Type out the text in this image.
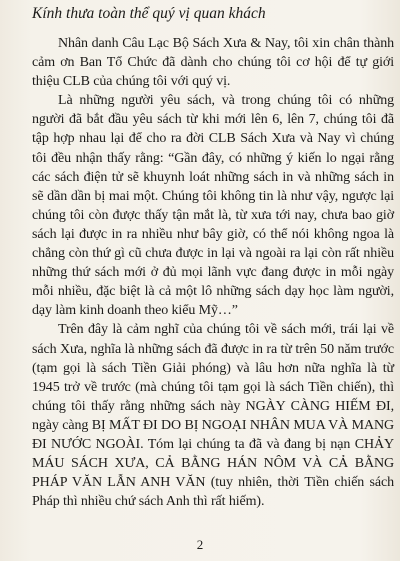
Kính thưa toàn thể quý vị quan khách

Nhân danh Câu Lạc Bộ Sách Xưa & Nay, tôi xin chân thành cảm ơn Ban Tổ Chức đã dành cho chúng tôi cơ hội để tự giới thiệu CLB của chúng tôi với quý vị.

Là những người yêu sách, và trong chúng tôi có những người đã bắt đầu yêu sách từ khi mới lên 6, lên 7, chúng tôi đã tập hợp nhau lại để cho ra đời CLB Sách Xưa và Nay vì chúng tôi đều nhận thấy rằng: “Gần đây, có những ý kiến lo ngại rằng các sách điện tử sẽ khuynh loát những sách in và những sách in sẽ dần dần bị mai một. Chúng tôi không tin là như vậy, ngược lại chúng tôi còn được thấy tận mắt là, từ xưa tới nay, chưa bao giờ sách lại được in ra nhiều như bây giờ, có thể nói không ngoa là chẳng còn thứ gì cũ chưa được in lại và ngoài ra lại còn rất nhiều những thứ sách mới ở đủ mọi lãnh vực đang được in mỗi ngày mỗi nhiều, đặc biệt là cả một lô những sách dạy học làm người, dạy làm kinh doanh theo kiểu Mỹ…”

Trên đây là cảm nghĩ của chúng tôi về sách mới, trái lại về sách Xưa, nghĩa là những sách đã được in ra từ trên 50 năm trước (tạm gọi là sách Tiền Giải phóng) và lâu hơn nữa nghĩa là từ 1945 trở về trước (mà chúng tôi tạm gọi là sách Tiền chiến), thì chúng tôi thấy rằng những sách này NGÀY CÀNG HIẾM ĐI, ngày càng BỊ MẤT ĐI DO BỊ NGOẠI NHÂN MUA VÀ MANG ĐI NƯỚC NGOÀI. Tóm lại chúng ta đã và đang bị nạn CHẢY MÁU SÁCH XƯA, CẢ BẰNG HÁN NÔM VÀ CẢ BẰNG PHÁP VĂN LẪN ANH VĂN (tuy nhiên, thời Tiền chiến sách Pháp thì nhiều chứ sách Anh thì rất hiếm).

2
